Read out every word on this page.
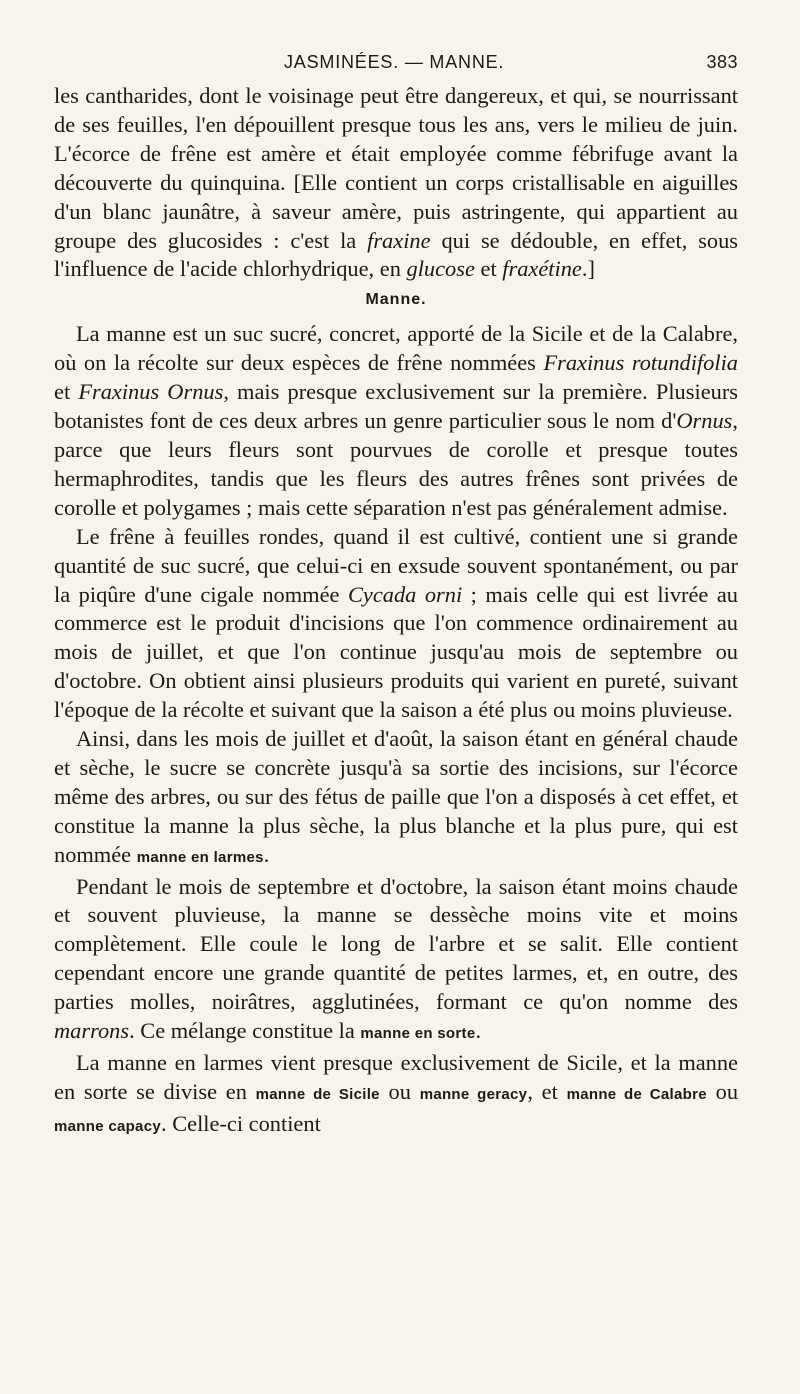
JASMINÉES. — MANNE.	383

les cantharides, dont le voisinage peut être dangereux, et qui, se nourrissant de ses feuilles, l'en dépouillent presque tous les ans, vers le milieu de juin. L'écorce de frêne est amère et était employée comme fébrifuge avant la découverte du quinquina. [Elle contient un corps cristallisable en aiguilles d'un blanc jaunâtre, à saveur amère, puis astringente, qui appartient au groupe des glucosides : c'est la fraxine qui se dédouble, en effet, sous l'influence de l'acide chlorhydrique, en glucose et fraxétine.]

Manne.

La manne est un suc sucré, concret, apporté de la Sicile et de la Calabre, où on la récolte sur deux espèces de frêne nommées Fraxinus rotundifolia et Fraxinus Ornus, mais presque exclusivement sur la première. Plusieurs botanistes font de ces deux arbres un genre particulier sous le nom d'Ornus, parce que leurs fleurs sont pourvues de corolle et presque toutes hermaphrodites, tandis que les fleurs des autres frênes sont privées de corolle et polygames ; mais cette séparation n'est pas généralement admise.

Le frêne à feuilles rondes, quand il est cultivé, contient une si grande quantité de suc sucré, que celui-ci en exsude souvent spontanément, ou par la piqûre d'une cigale nommée Cycada orni ; mais celle qui est livrée au commerce est le produit d'incisions que l'on commence ordinairement au mois de juillet, et que l'on continue jusqu'au mois de septembre ou d'octobre. On obtient ainsi plusieurs produits qui varient en pureté, suivant l'époque de la récolte et suivant que la saison a été plus ou moins pluvieuse.

Ainsi, dans les mois de juillet et d'août, la saison étant en général chaude et sèche, le sucre se concrète jusqu'à sa sortie des incisions, sur l'écorce même des arbres, ou sur des fétus de paille que l'on a disposés à cet effet, et constitue la manne la plus sèche, la plus blanche et la plus pure, qui est nommée manne en larmes.

Pendant le mois de septembre et d'octobre, la saison étant moins chaude et souvent pluvieuse, la manne se dessèche moins vite et moins complètement. Elle coule le long de l'arbre et se salit. Elle contient cependant encore une grande quantité de petites larmes, et, en outre, des parties molles, noirâtres, agglutinées, formant ce qu'on nomme des marrons. Ce mélange constitue la manne en sorte.

La manne en larmes vient presque exclusivement de Sicile, et la manne en sorte se divise en manne de Sicile ou manne geracy, et manne de Calabre ou manne capacy. Celle-ci contient
